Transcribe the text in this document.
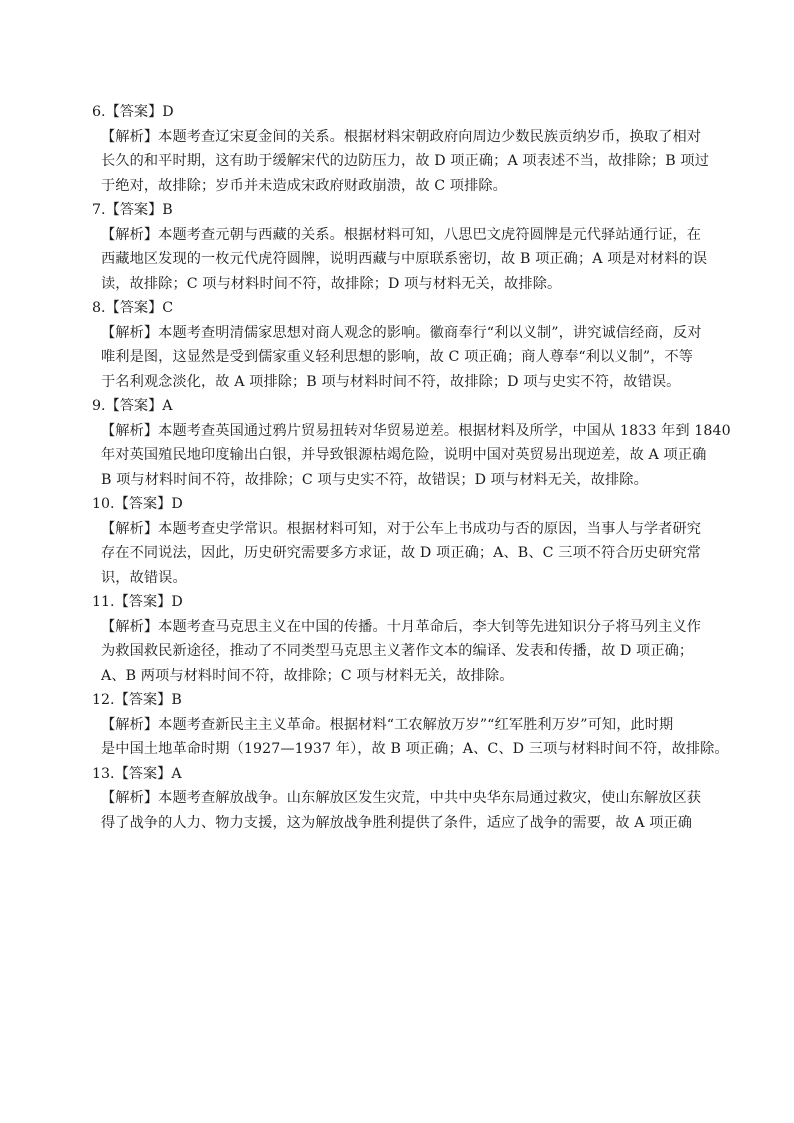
6.【答案】D
【解析】本题考查辽宋夏金间的关系。根据材料宋朝政府向周边少数民族贡纳岁币，换取了相对
长久的和平时期，这有助于缓解宋代的边防压力，故 D 项正确；A 项表述不当，故排除；B 项过
于绝对，故排除；岁币并未造成宋政府财政崩溃，故 C 项排除。
7.【答案】B
【解析】本题考查元朝与西藏的关系。根据材料可知，八思巴文虎符圆牌是元代驿站通行证，在
西藏地区发现的一枚元代虎符圆牌，说明西藏与中原联系密切，故 B 项正确；A 项是对材料的误
读，故排除；C 项与材料时间不符，故排除；D 项与材料无关，故排除。
8.【答案】C
【解析】本题考查明清儒家思想对商人观念的影响。徽商奉行“利以义制”，讲究诚信经商，反对
唯利是图，这显然是受到儒家重义轻利思想的影响，故 C 项正确；商人尊奉“利以义制”，不等
于名利观念淡化，故 A 项排除；B 项与材料时间不符，故排除；D 项与史实不符，故错误。
9.【答案】A
【解析】本题考查英国通过鸦片贸易扭转对华贸易逆差。根据材料及所学，中国从 1833 年到 1840
年对英国殖民地印度输出白银，并导致银源枯竭危险，说明中国对英贸易出现逆差，故 A 项正确
B 项与材料时间不符，故排除；C 项与史实不符，故错误；D 项与材料无关，故排除。
10.【答案】D
【解析】本题考查史学常识。根据材料可知，对于公车上书成功与否的原因，当事人与学者研究
存在不同说法，因此，历史研究需要多方求证，故 D 项正确；A、B、C 三项不符合历史研究常
识，故错误。
11.【答案】D
【解析】本题考查马克思主义在中国的传播。十月革命后，李大钊等先进知识分子将马列主义作
为救国救民新途径，推动了不同类型马克思主义著作文本的编译、发表和传播，故 D 项正确；
A、B 两项与材料时间不符，故排除；C 项与材料无关，故排除。
12.【答案】B
【解析】本题考查新民主主义革命。根据材料“工农解放万岁”“红军胜利万岁”可知，此时期
是中国土地革命时期（1927—1937 年），故 B 项正确；A、C、D 三项与材料时间不符，故排除。
13.【答案】A
【解析】本题考查解放战争。山东解放区发生灾荒，中共中央华东局通过救灾，使山东解放区获
得了战争的人力、物力支援，这为解放战争胜利提供了条件，适应了战争的需要，故 A 项正确
